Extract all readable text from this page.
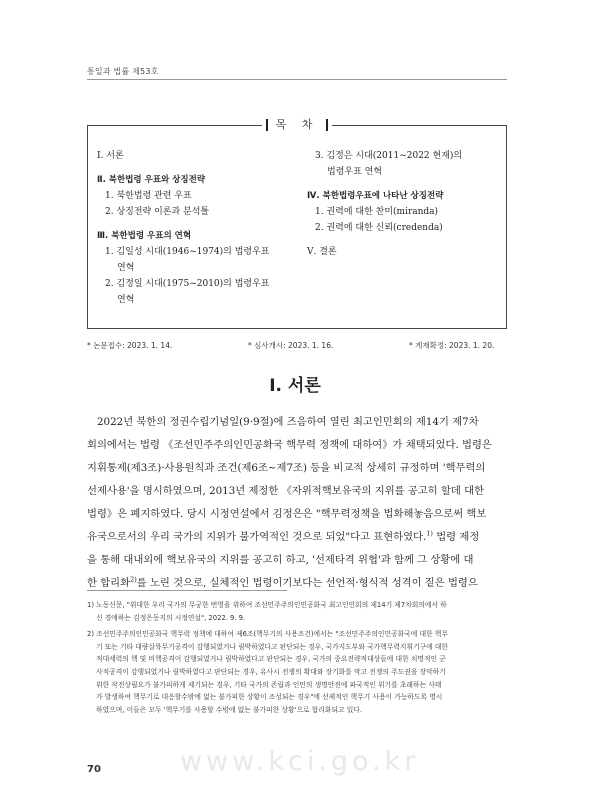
통일과 법률 제53호
목 차
Ⅰ. 서론
Ⅱ. 북한법령 우표와 상징전략
1. 북한법령 관련 우표
2. 상징전략 이론과 분석틀
Ⅲ. 북한법령 우표의 연혁
1. 김일성 시대(1946~1974)의 법령우표
연혁
2. 김정일 시대(1975~2010)의 법령우표
연혁
3. 김정은 시대(2011~2022 현재)의
법령우표 연혁
Ⅳ. 북한법령우표에 나타난 상징전략
1. 권력에 대한 찬미(miranda)
2. 권력에 대한 신뢰(credenda)
Ⅴ. 결론
* 논문접수: 2023. 1. 14.	* 심사개시: 2023. 1. 16.	* 게재확정: 2023. 1. 20.
Ⅰ. 서론
2022년 북한의 정권수립기념일(9·9절)에 즈음하여 열린 최고인민회의 제14기 제7차
회의에서는 법령 《조선민주주의인민공화국 핵무력 정책에 대하여》가 채택되었다. 법령은
지휘통제(제3조)·사용원칙과 조건(제6조~제7조) 등을 비교적 상세히 규정하며 '핵무력의
선제사용'을 명시하였으며, 2013년 제정한 《자위적핵보유국의 지위를 공고히 할데 대한
법령》은 폐지하였다. 당시 시정연설에서 김정은은 "핵무력정책을 법화해놓음으로써 핵보
유국으로서의 우리 국가의 지위가 불가역적인 것으로 되었"다고 표현하였다.$^{1)}$ 법령 제정
을 통해 대내외에 핵보유국의 지위를 공고히 하고, '선제타격 위협'과 함께 그 상황에 대
한 합리화$^{2)}$를 노린 것으로, 실체적인 법령이기보다는 선언적·형식적 성격이 짙은 법령으
1) 노동신문, "위대한 우리 국가의 무궁한 번영을 위하여 조선민주주의인민공화국 최고인민회의 제14기 제7차회의에서 하
신 경애하는 김정은동지의 시정연설", 2022. 9. 9.
2) 조선민주주의인민공화국 핵무력 정책에 대하여 제6조(핵무기의 사용조건)에서는 "조선민주주의인민공화국에 대한 핵무
기 또는 기타 대량살륙무기공격이 감행되였거나 림박하였다고 판단되는 경우, 국가지도부와 국가핵무력지휘기구에 대한
적대세력의 핵 및 비핵공격이 감행되였거나 림박하였다고 판단되는 경우, 국가의 중요전략적대상들에 대한 치명적인 군
사적공격이 감행되였거나 림박하였다고 판단되는 경우, 유사시 전쟁의 확대와 장기화를 막고 전쟁의 주도권을 장악하기
위한 작전상필요가 불가피하게 제기되는 경우, 기타 국가의 존립과 인민의 생명안전에 파국적인 위기를 초래하는 사태
가 발생하여 핵무기로 대응할수밖에 없는 불가피한 상황이 조성되는 경우"에 선제적인 핵무기 사용이 가능하도록 명시
하였으며, 이들은 모두 '핵무기를 사용할 수밖에 없는 불가피한 상황'으로 합리화되고 있다.
www.kci.go.kr
70
